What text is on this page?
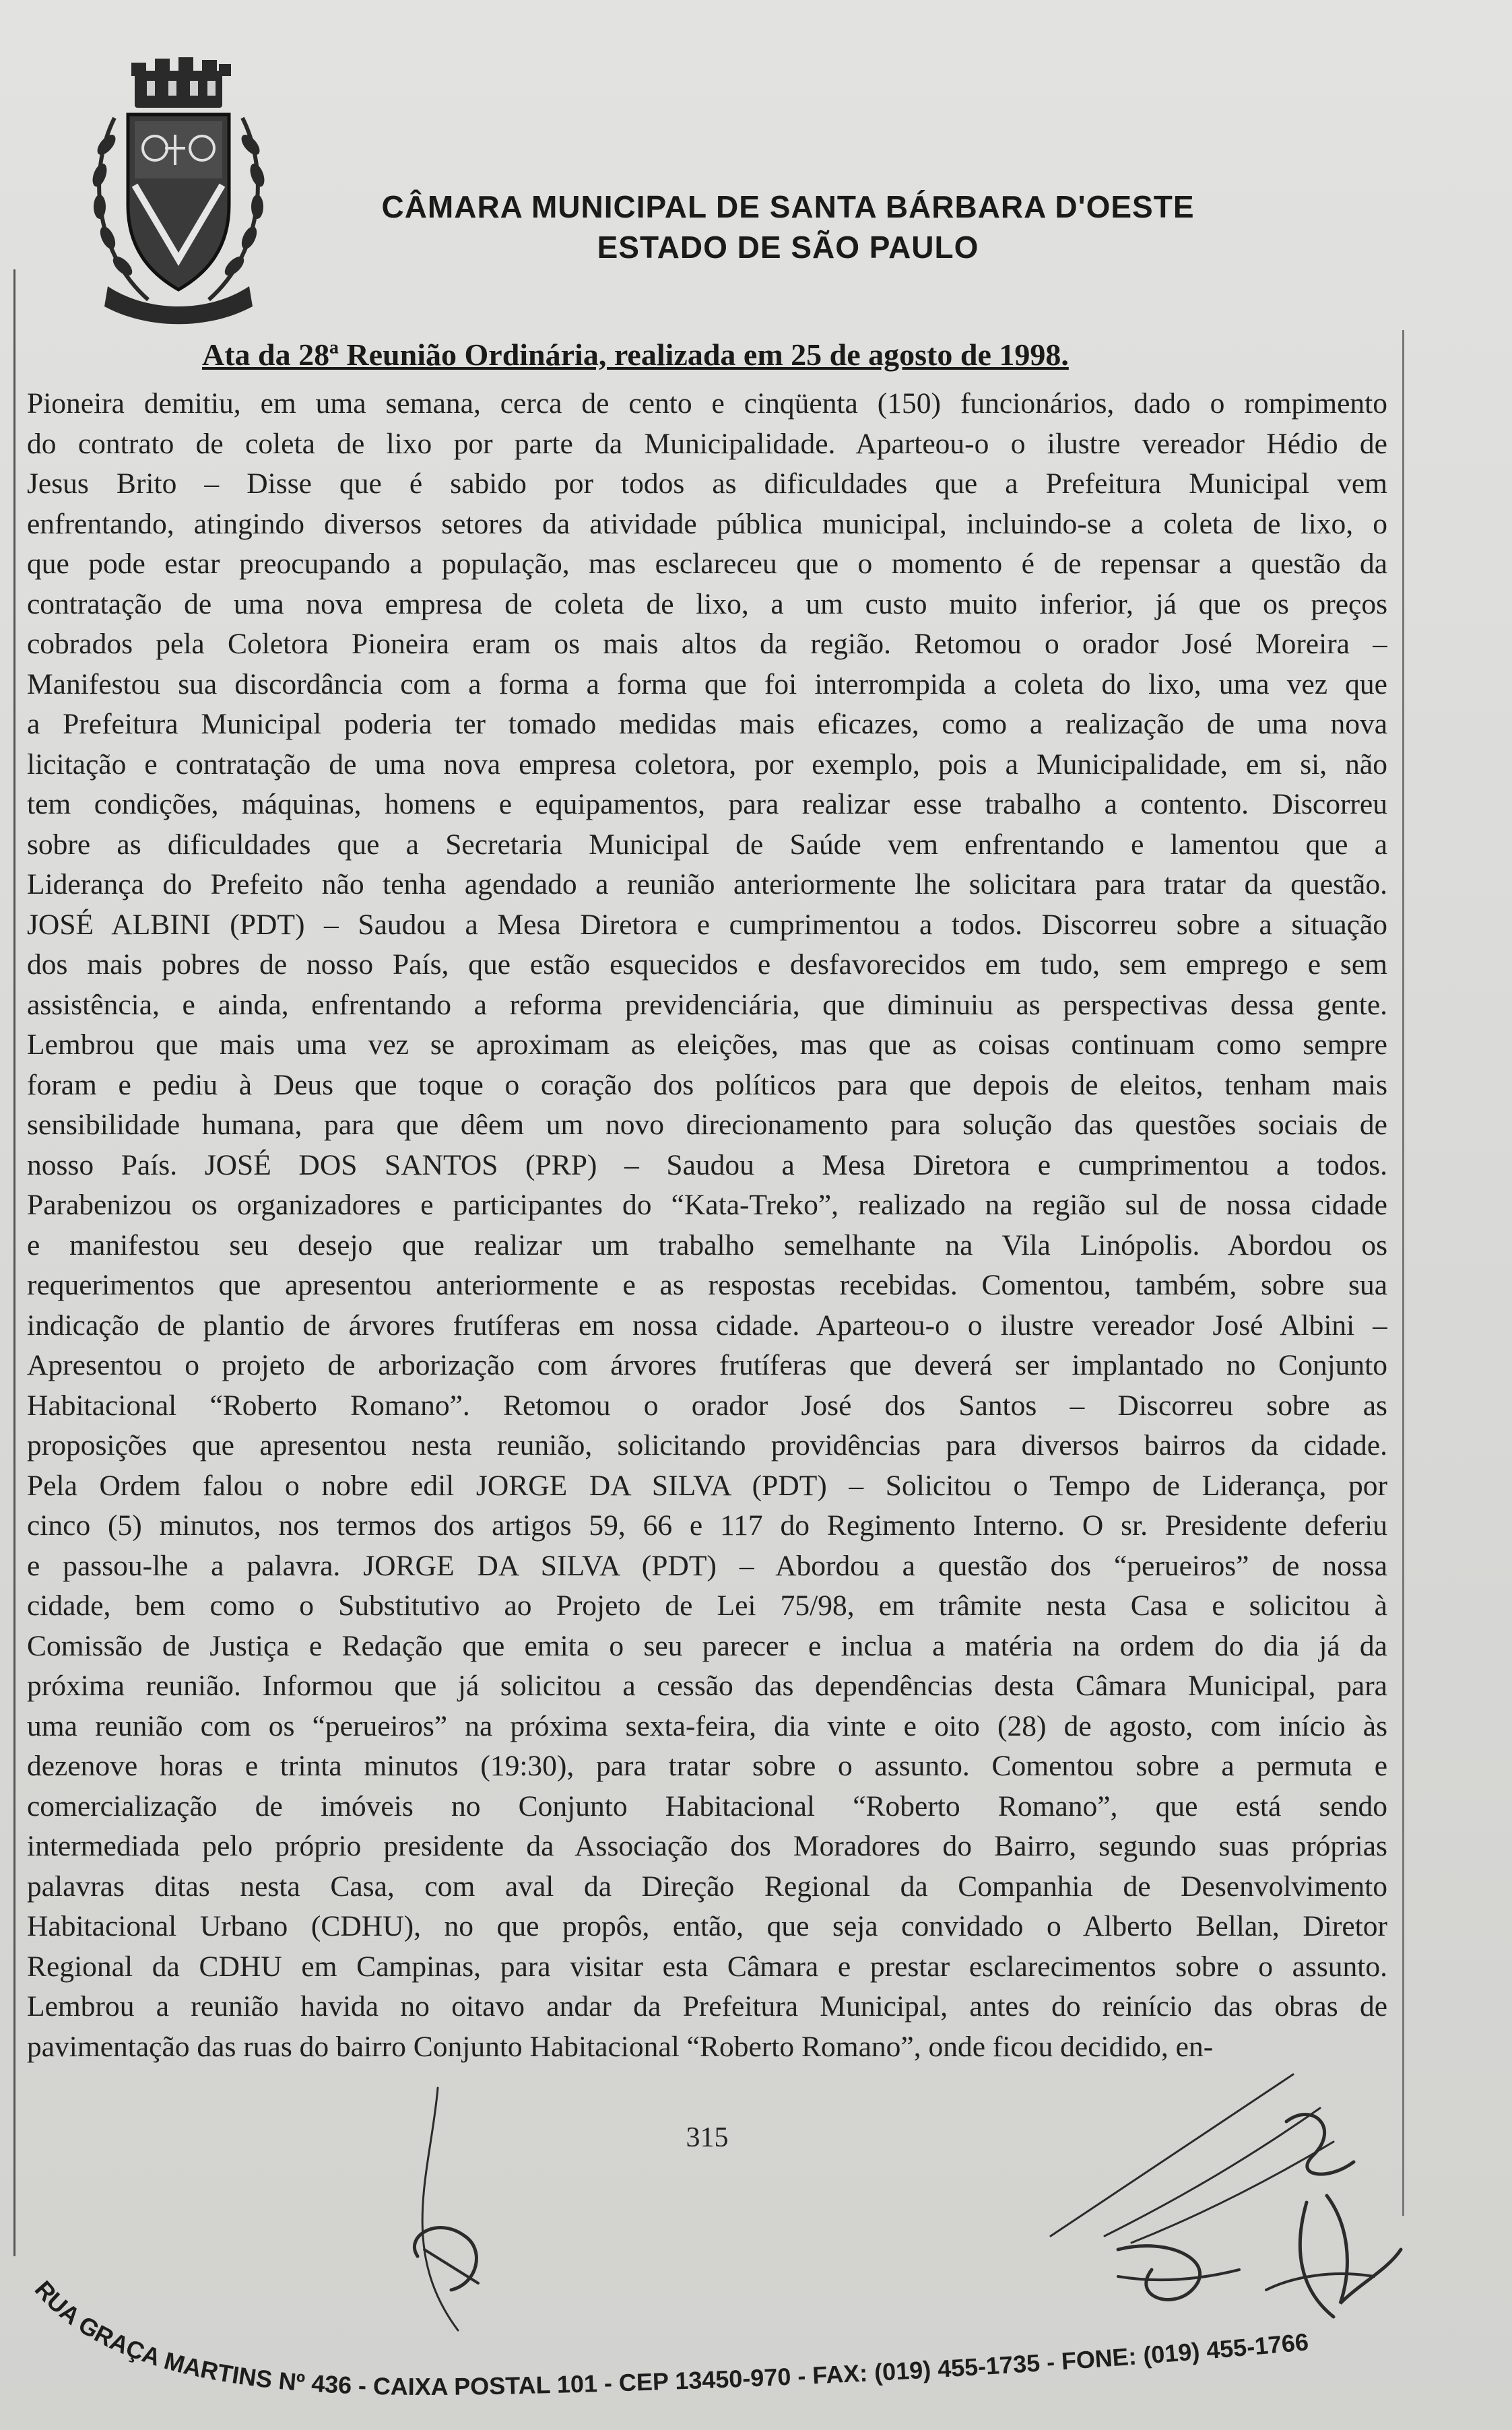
CÂMARA MUNICIPAL DE SANTA BÁRBARA D'OESTE
ESTADO DE SÃO PAULO
Ata da 28ª Reunião Ordinária, realizada em 25 de agosto de 1998.
Pioneira demitiu, em uma semana, cerca de cento e cinqüenta (150) funcionários, dado o rompimento
do contrato de coleta de lixo por parte da Municipalidade. Aparteou-o o ilustre vereador Hédio de
Jesus Brito – Disse que é sabido por todos as dificuldades que a Prefeitura Municipal vem
enfrentando, atingindo diversos setores da atividade pública municipal, incluindo-se a coleta de lixo, o
que pode estar preocupando a população, mas esclareceu que o momento é de repensar a questão da
contratação de uma nova empresa de coleta de lixo, a um custo muito inferior, já que os preços
cobrados pela Coletora Pioneira eram os mais altos da região. Retomou o orador José Moreira –
Manifestou sua discordância com a forma a forma que foi interrompida a coleta do lixo, uma vez que
a Prefeitura Municipal poderia ter tomado medidas mais eficazes, como a realização de uma nova
licitação e contratação de uma nova empresa coletora, por exemplo, pois a Municipalidade, em si, não
tem condições, máquinas, homens e equipamentos, para realizar esse trabalho a contento. Discorreu
sobre as dificuldades que a Secretaria Municipal de Saúde vem enfrentando e lamentou que a
Liderança do Prefeito não tenha agendado a reunião anteriormente lhe solicitara para tratar da questão.
JOSÉ ALBINI (PDT) – Saudou a Mesa Diretora e cumprimentou a todos. Discorreu sobre a situação
dos mais pobres de nosso País, que estão esquecidos e desfavorecidos em tudo, sem emprego e sem
assistência, e ainda, enfrentando a reforma previdenciária, que diminuiu as perspectivas dessa gente.
Lembrou que mais uma vez se aproximam as eleições, mas que as coisas continuam como sempre
foram e pediu à Deus que toque o coração dos políticos para que depois de eleitos, tenham mais
sensibilidade humana, para que dêem um novo direcionamento para solução das questões sociais de
nosso País. JOSÉ DOS SANTOS (PRP) – Saudou a Mesa Diretora e cumprimentou a todos.
Parabenizou os organizadores e participantes do “Kata-Treko”, realizado na região sul de nossa cidade
e manifestou seu desejo que realizar um trabalho semelhante na Vila Linópolis. Abordou os
requerimentos que apresentou anteriormente e as respostas recebidas. Comentou, também, sobre sua
indicação de plantio de árvores frutíferas em nossa cidade. Aparteou-o o ilustre vereador José Albini –
Apresentou o projeto de arborização com árvores frutíferas que deverá ser implantado no Conjunto
Habitacional “Roberto Romano”. Retomou o orador José dos Santos – Discorreu sobre as
proposições que apresentou nesta reunião, solicitando providências para diversos bairros da cidade.
Pela Ordem falou o nobre edil JORGE DA SILVA (PDT) – Solicitou o Tempo de Liderança, por
cinco (5) minutos, nos termos dos artigos 59, 66 e 117 do Regimento Interno. O sr. Presidente deferiu
e passou-lhe a palavra. JORGE DA SILVA (PDT) – Abordou a questão dos “perueiros” de nossa
cidade, bem como o Substitutivo ao Projeto de Lei 75/98, em trâmite nesta Casa e solicitou à
Comissão de Justiça e Redação que emita o seu parecer e inclua a matéria na ordem do dia já da
próxima reunião. Informou que já solicitou a cessão das dependências desta Câmara Municipal, para
uma reunião com os “perueiros” na próxima sexta-feira, dia vinte e oito (28) de agosto, com início às
dezenove horas e trinta minutos (19:30), para tratar sobre o assunto. Comentou sobre a permuta e
comercialização de imóveis no Conjunto Habitacional “Roberto Romano”, que está sendo
intermediada pelo próprio presidente da Associação dos Moradores do Bairro, segundo suas próprias
palavras ditas nesta Casa, com aval da Direção Regional da Companhia de Desenvolvimento
Habitacional Urbano (CDHU), no que propôs, então, que seja convidado o Alberto Bellan, Diretor
Regional da CDHU em Campinas, para visitar esta Câmara e prestar esclarecimentos sobre o assunto.
Lembrou a reunião havida no oitavo andar da Prefeitura Municipal, antes do reinício das obras de
pavimentação das ruas do bairro Conjunto Habitacional “Roberto Romano”, onde ficou decidido, en-
315
RUA GRAÇA MARTINS Nº 436 - CAIXA POSTAL 101 - CEP 13450-970 - FAX: (019) 455-1735 - FONE: (019) 455-1766
